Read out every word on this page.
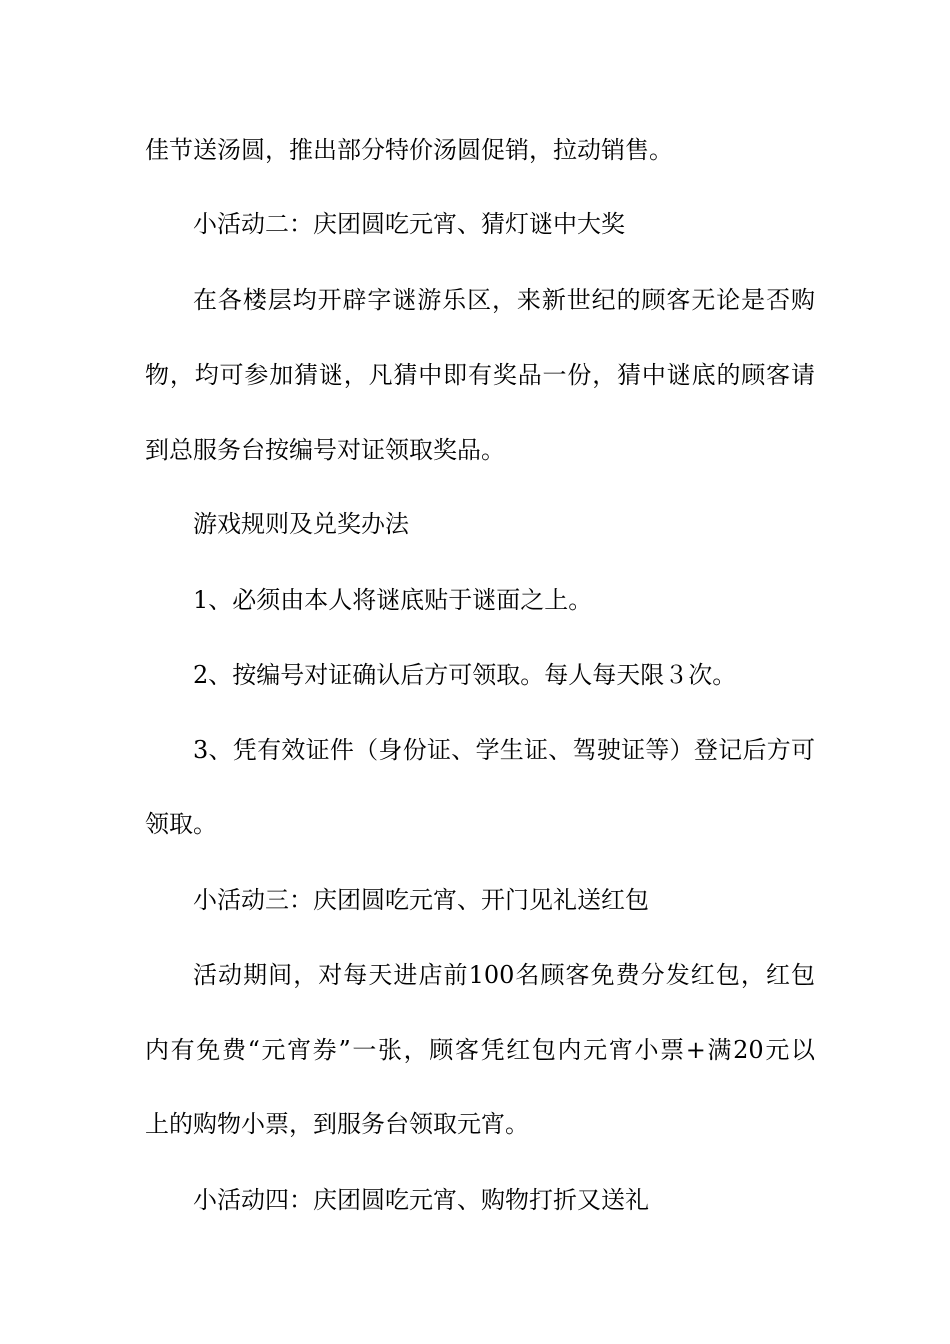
佳节送汤圆，推出部分特价汤圆促销，拉动销售。

小活动二：庆团圆吃元宵、猜灯谜中大奖

在各楼层均开辟字谜游乐区，来新世纪的顾客无论是否购

物，均可参加猜谜，凡猜中即有奖品一份，猜中谜底的顾客请

到总服务台按编号对证领取奖品。

游戏规则及兑奖办法

1、必须由本人将谜底贴于谜面之上。

2、按编号对证确认后方可领取。每人每天限３次。

3、凭有效证件（身份证、学生证、驾驶证等）登记后方可

领取。

小活动三：庆团圆吃元宵、开门见礼送红包

活动期间，对每天进店前100名顾客免费分发红包，红包

内有免费“元宵券”一张，顾客凭红包内元宵小票+满20元以

上的购物小票，到服务台领取元宵。

小活动四：庆团圆吃元宵、购物打折又送礼
